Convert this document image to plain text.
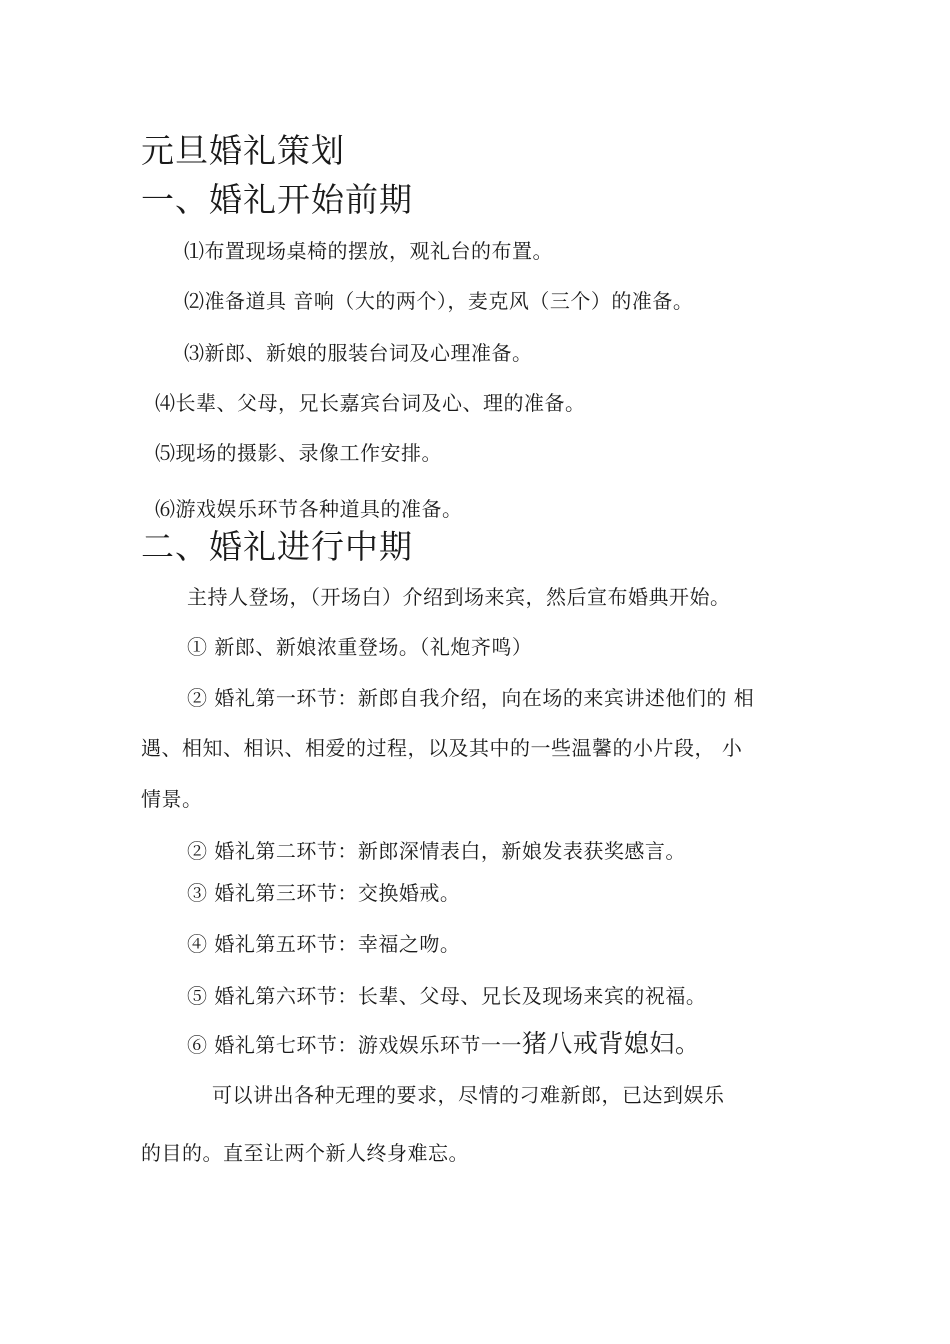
元旦婚礼策划
一、婚礼开始前期
⑴布置现场桌椅的摆放，观礼台的布置。
⑵准备道具 音响（大的两个），麦克风（三个）的准备。
⑶新郎、新娘的服装台词及心理准备。
⑷长辈、父母，兄长嘉宾台词及心、理的准备。
⑸现场的摄影、录像工作安排。
⑹游戏娱乐环节各种道具的准备。
二、婚礼进行中期
主持人登场，（开场白）介绍到场来宾，然后宣布婚典开始。
① 新郎、新娘浓重登场。（礼炮齐鸣）
② 婚礼第一环节：新郎自我介绍，向在场的来宾讲述他们的 相
遇、相知、相识、相爱的过程，以及其中的一些温馨的小片段， 小
情景。
② 婚礼第二环节：新郎深情表白，新娘发表获奖感言。
③ 婚礼第三环节：交换婚戒。
④ 婚礼第五环节：幸福之吻。
⑤ 婚礼第六环节：长辈、父母、兄长及现场来宾的祝福。
⑥ 婚礼第七环节：游戏娱乐环节一一猪八戒背媳妇。
可以讲出各种无理的要求，尽情的刁难新郎，已达到娱乐
的目的。直至让两个新人终身难忘。
